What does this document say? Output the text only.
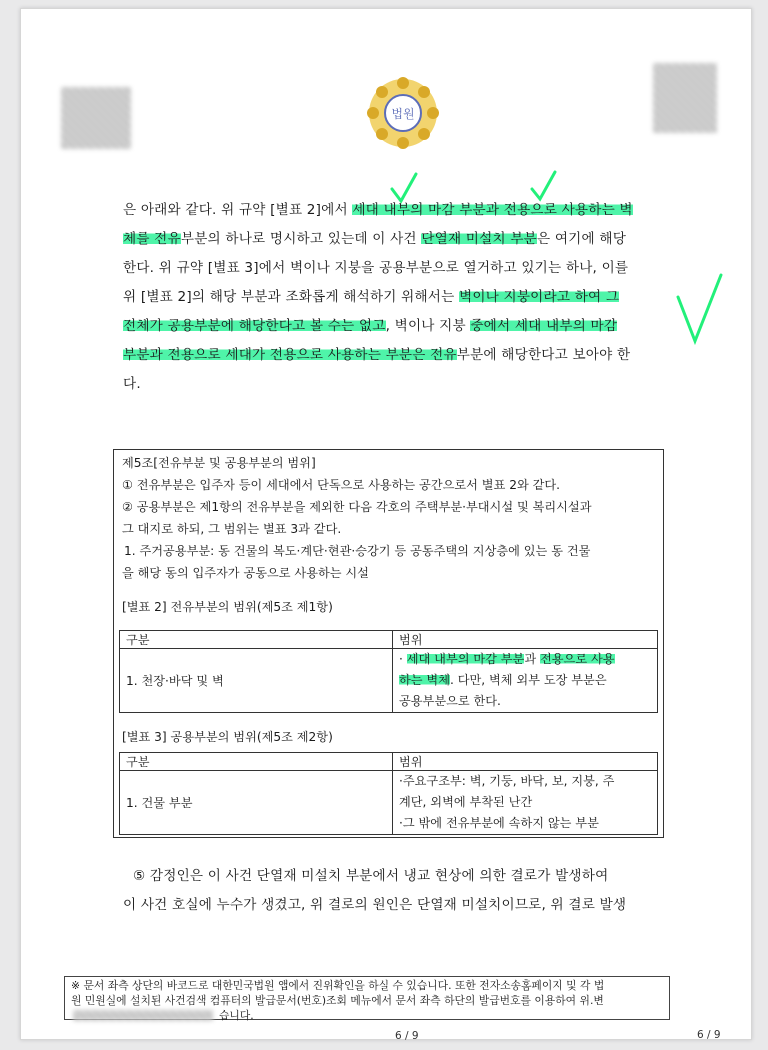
법원
은 아래와 같다. 위 규약 [별표 2]에서 세대 내부의 마감 부분과 전용으로 사용하는 벽
체를 전유부분의 하나로 명시하고 있는데 이 사건 단열재 미설치 부분은 여기에 해당
한다. 위 규약 [별표 3]에서 벽이나 지붕을 공용부분으로 열거하고 있기는 하나, 이를
위 [별표 2]의 해당 부분과 조화롭게 해석하기 위해서는 벽이나 지붕이라고 하여 그
전체가 공용부분에 해당한다고 볼 수는 없고, 벽이나 지붕 중에서 세대 내부의 마감
부분과 전용으로 세대가 전용으로 사용하는 부분은 전유부분에 해당한다고 보아야 한
다.
제5조[전유부분 및 공용부분의 범위]
① 전유부분은 입주자 등이 세대에서 단독으로 사용하는 공간으로서 별표 2와 같다.
② 공용부분은 제1항의 전유부분을 제외한 다음 각호의 주택부분·부대시설 및 복리시설과
그 대지로 하되, 그 범위는 별표 3과 같다.
1. 주거공용부분: 동 건물의 복도·계단·현관·승강기 등 공동주택의 지상층에 있는 동 건물
을 해당 동의 입주자가 공동으로 사용하는 시설
[별표 2] 전유부분의 범위(제5조 제1항)
구분	범위
1. 천장·바닥 및 벽	· 세대 내부의 마감 부분과 전용으로 사용
하는 벽체. 다만, 벽체 외부 도장 부분은
공용부분으로 한다.
[별표 3] 공용부분의 범위(제5조 제2항)
구분	범위
1. 건물 부분	·주요구조부: 벽, 기둥, 바닥, 보, 지붕, 주
계단, 외벽에 부착된 난간
·그 밖에 전유부분에 속하지 않는 부분
⑤ 감정인은 이 사건 단열재 미설치 부분에서 냉교 현상에 의한 결로가 발생하여
이 사건 호실에 누수가 생겼고, 위 결로의 원인은 단열재 미설치이므로, 위 결로 발생
※ 문서 좌측 상단의 바코드로 대한민국법원 앱에서 진위확인을 하실 수 있습니다. 또한 전자소송홈페이지 및 각 법
원 민원실에 설치된 사건검색 컴퓨터의 발급문서(번호)조회 메뉴에서 문서 좌측 하단의 발급번호를 이용하여 위.변
습니다.
6 / 9	6 / 9
